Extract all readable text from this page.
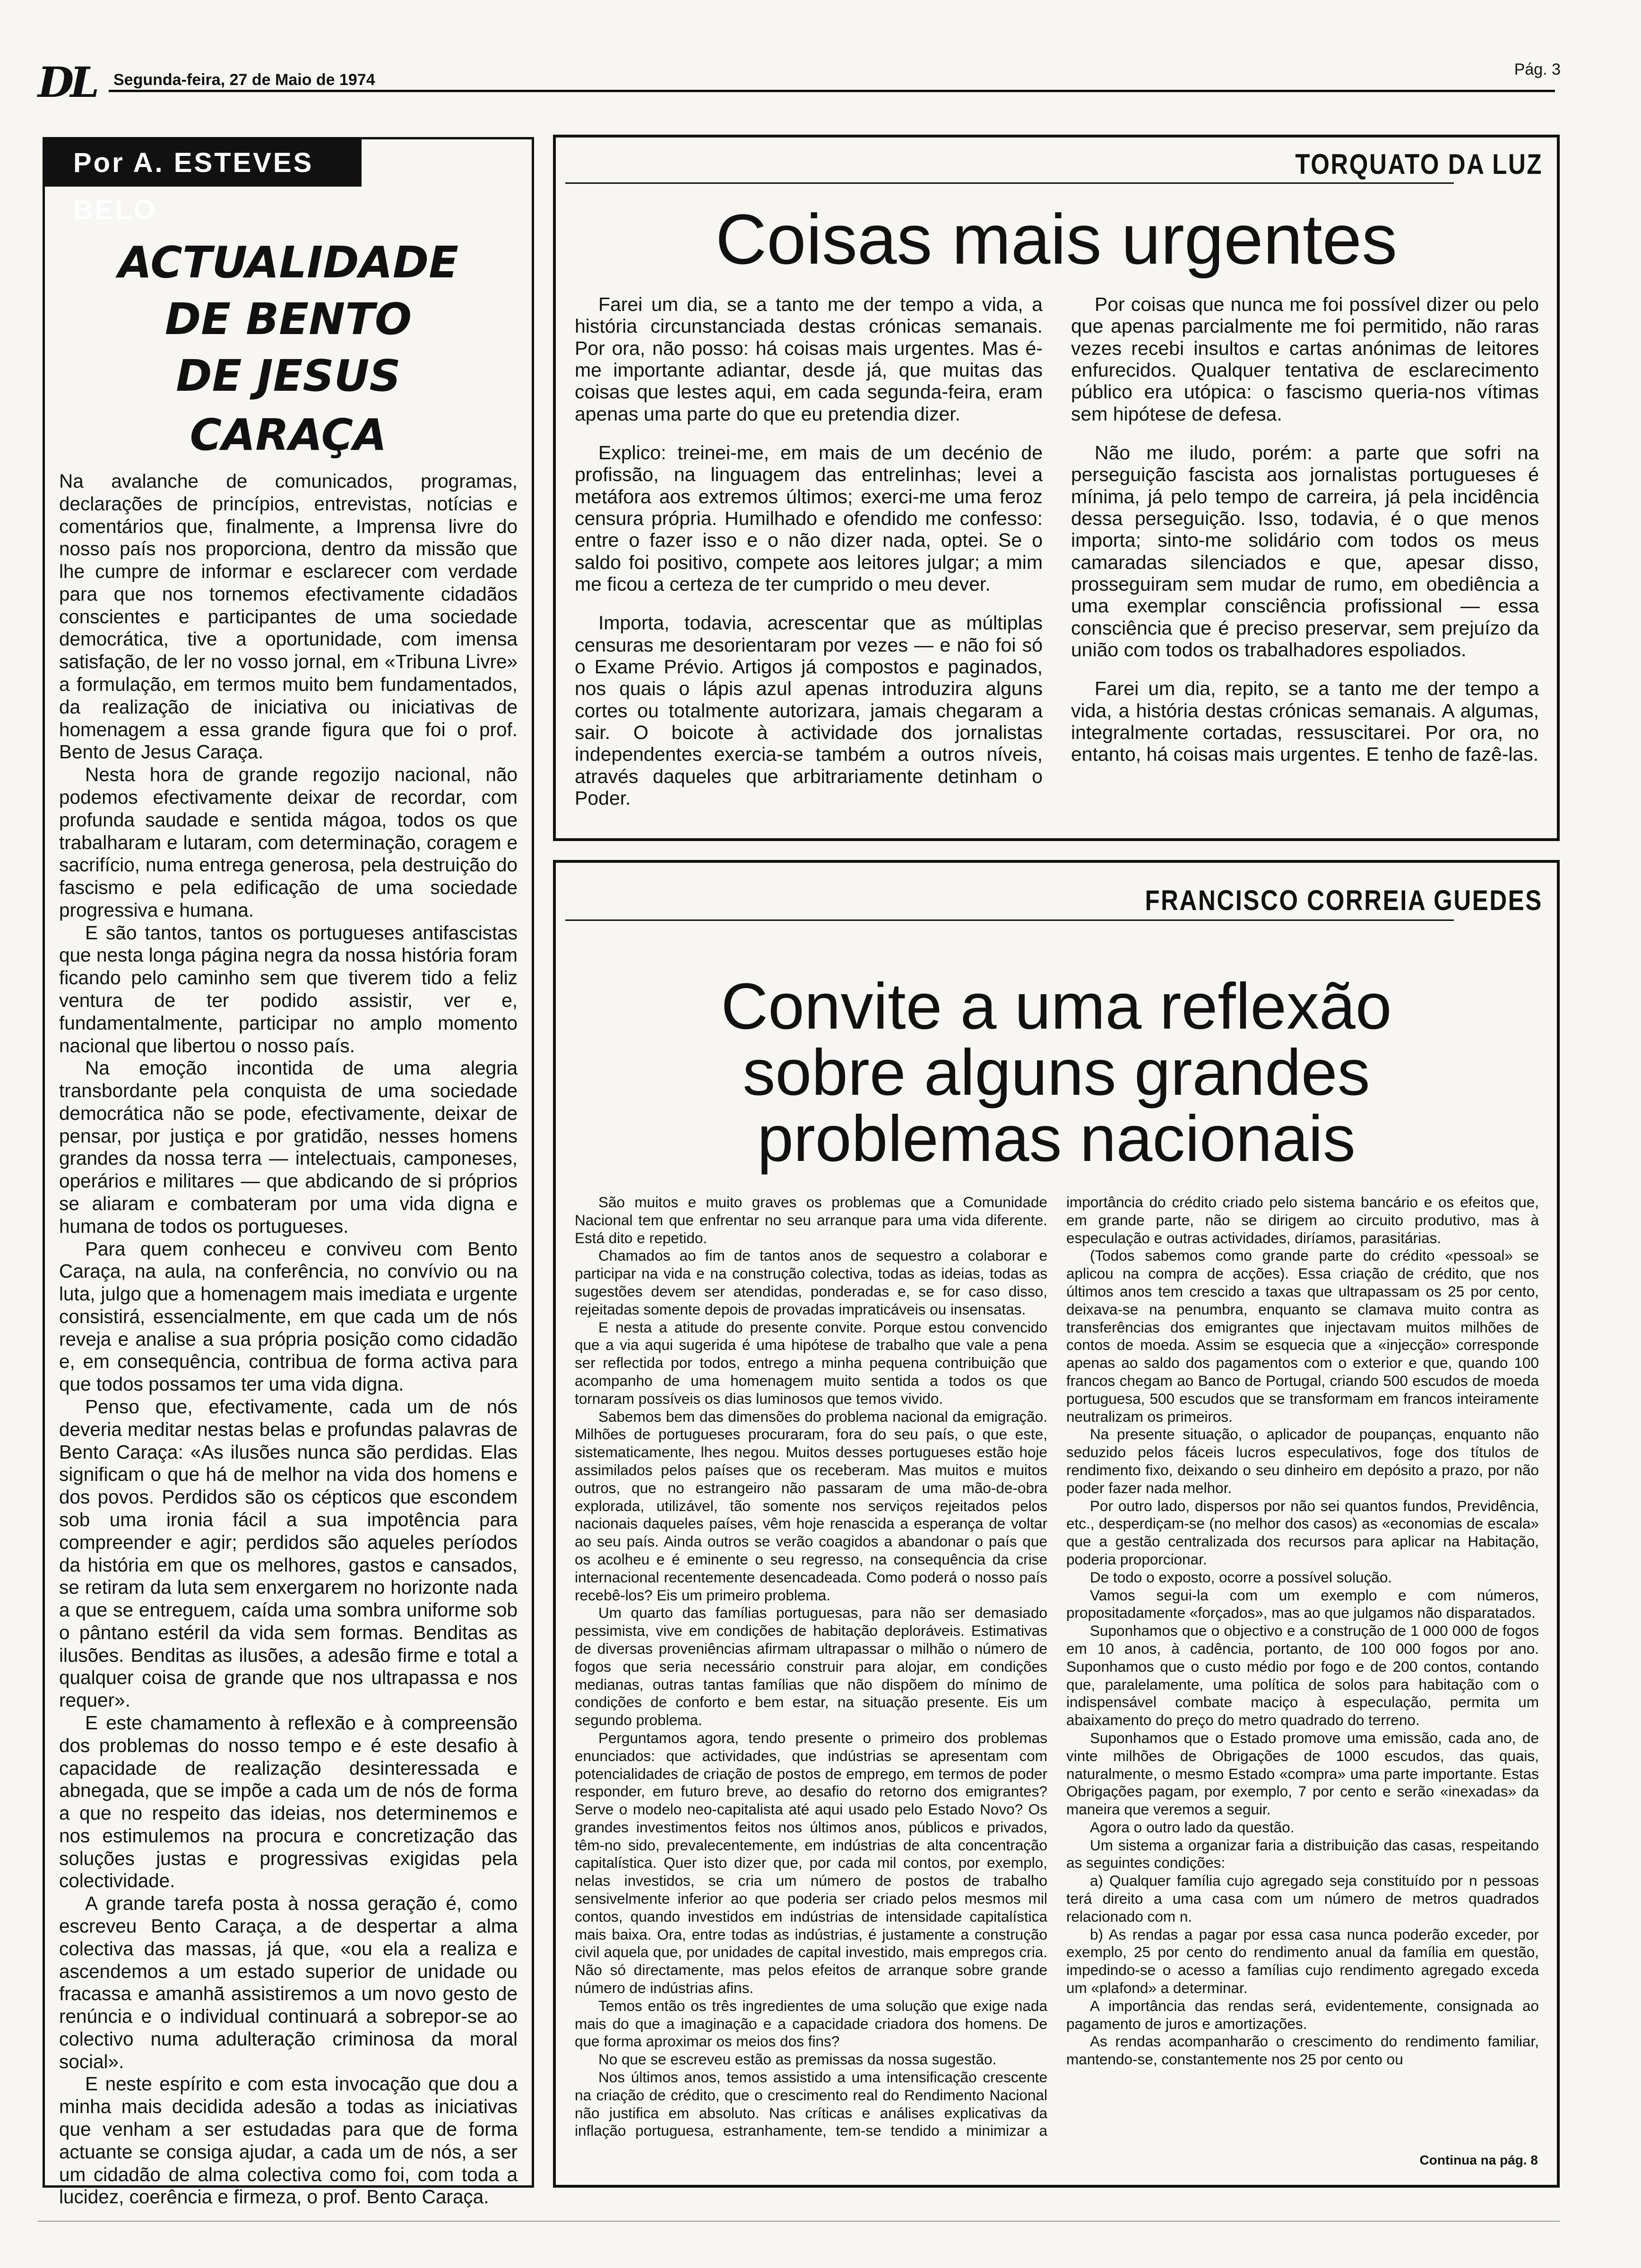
DL Segunda-feira, 27 de Maio de 1974
Pág. 3
Por A. ESTEVES BELO
ACTUALIDADE
DE BENTO
DE JESUS
CARAÇA

Na avalanche de comunicados, programas, declarações de princípios, entrevistas, notícias e comentários que, finalmente, a Imprensa livre do nosso país nos proporciona, dentro da missão que lhe cumpre de informar e esclarecer com verdade para que nos tornemos efectivamente cidadãos conscientes e participantes de uma sociedade democrática, tive a oportunidade, com imensa satisfação, de ler no vosso jornal, em «Tribuna Livre» a formulação, em termos muito bem fundamentados, da realização de iniciativa ou iniciativas de homenagem a essa grande figura que foi o prof. Bento de Jesus Caraça.

Nesta hora de grande regozijo nacional, não podemos efectivamente deixar de recordar, com profunda saudade e sentida mágoa, todos os que trabalharam e lutaram, com determinação, coragem e sacrifício, numa entrega generosa, pela destruição do fascismo e pela edificação de uma sociedade progressiva e humana.

E são tantos, tantos os portugueses antifascistas que nesta longa página negra da nossa história foram ficando pelo caminho sem que tiverem tido a feliz ventura de ter podido assistir, ver e, fundamentalmente, participar no amplo momento nacional que libertou o nosso país.

Na emoção incontida de uma alegria transbordante pela conquista de uma sociedade democrática não se pode, efectivamente, deixar de pensar, por justiça e por gratidão, nesses homens grandes da nossa terra — intelectuais, camponeses, operários e militares — que abdicando de si próprios se aliaram e combateram por uma vida digna e humana de todos os portugueses.

Para quem conheceu e conviveu com Bento Caraça, na aula, na conferência, no convívio ou na luta, julgo que a homenagem mais imediata e urgente consistirá, essencialmente, em que cada um de nós reveja e analise a sua própria posição como cidadão e, em consequência, contribua de forma activa para que todos possamos ter uma vida digna.

Penso que, efectivamente, cada um de nós deveria meditar nestas belas e profundas palavras de Bento Caraça: «As ilusões nunca são perdidas. Elas significam o que há de melhor na vida dos homens e dos povos. Perdidos são os cépticos que escondem sob uma ironia fácil a sua impotência para compreender e agir; perdidos são aqueles períodos da história em que os melhores, gastos e cansados, se retiram da luta sem enxergarem no horizonte nada a que se entreguem, caída uma sombra uniforme sob o pântano estéril da vida sem formas. Benditas as ilusões. Benditas as ilusões, a adesão firme e total a qualquer coisa de grande que nos ultrapassa e nos requer».

E este chamamento à reflexão e à compreensão dos problemas do nosso tempo e é este desafio à capacidade de realização desinteressada e abnegada, que se impõe a cada um de nós de forma a que no respeito das ideias, nos determinemos e nos estimulemos na procura e concretização das soluções justas e progressivas exigidas pela colectividade.

A grande tarefa posta à nossa geração é, como escreveu Bento Caraça, a de despertar a alma colectiva das massas, já que, «ou ela a realiza e ascendemos a um estado superior de unidade ou fracassa e amanhã assistiremos a um novo gesto de renúncia e o individual continuará a sobrepor-se ao colectivo numa adulteração criminosa da moral social».

E neste espírito e com esta invocação que dou a minha mais decidida adesão a todas as iniciativas que venham a ser estudadas para que de forma actuante se consiga ajudar, a cada um de nós, a ser um cidadão de alma colectiva como foi, com toda a lucidez, coerência e firmeza, o prof. Bento Caraça.

TORQUATO DA LUZ
Coisas mais urgentes

Farei um dia, se a tanto me der tempo a vida, a história circunstanciada destas crónicas semanais. Por ora, não posso: há coisas mais urgentes. Mas é-me importante adiantar, desde já, que muitas das coisas que lestes aqui, em cada segunda-feira, eram apenas uma parte do que eu pretendia dizer.

Explico: treinei-me, em mais de um decénio de profissão, na linguagem das entrelinhas; levei a metáfora aos extremos últimos; exerci-me uma feroz censura própria. Humilhado e ofendido me confesso: entre o fazer isso e o não dizer nada, optei. Se o saldo foi positivo, compete aos leitores julgar; a mim me ficou a certeza de ter cumprido o meu dever.

Importa, todavia, acrescentar que as múltiplas censuras me desorientaram por vezes — e não foi só o Exame Prévio. Artigos já compostos e paginados, nos quais o lápis azul apenas introduzira alguns cortes ou totalmente autorizara, jamais chegaram a sair. O boicote à actividade dos jornalistas independentes exercia-se também a outros níveis, através daqueles que arbitrariamente detinham o Poder.

Por coisas que nunca me foi possível dizer ou pelo que apenas parcialmente me foi permitido, não raras vezes recebi insultos e cartas anónimas de leitores enfurecidos. Qualquer tentativa de esclarecimento público era utópica: o fascismo queria-nos vítimas sem hipótese de defesa.

Não me iludo, porém: a parte que sofri na perseguição fascista aos jornalistas portugueses é mínima, já pelo tempo de carreira, já pela incidência dessa perseguição. Isso, todavia, é o que menos importa; sinto-me solidário com todos os meus camaradas silenciados e que, apesar disso, prosseguiram sem mudar de rumo, em obediência a uma exemplar consciência profissional — essa consciência que é preciso preservar, sem prejuízo da união com todos os trabalhadores espoliados.

Farei um dia, repito, se a tanto me der tempo a vida, a história destas crónicas semanais. A algumas, integralmente cortadas, ressuscitarei. Por ora, no entanto, há coisas mais urgentes. E tenho de fazê-las.

FRANCISCO CORREIA GUEDES
Convite a uma reflexão
sobre alguns grandes
problemas nacionais

São muitos e muito graves os problemas que a Comunidade Nacional tem que enfrentar no seu arranque para uma vida diferente. Está dito e repetido.

Chamados ao fim de tantos anos de sequestro a colaborar e participar na vida e na construção colectiva, todas as ideias, todas as sugestões devem ser atendidas, ponderadas e, se for caso disso, rejeitadas somente depois de provadas impraticáveis ou insensatas.

E nesta a atitude do presente convite. Porque estou convencido que a via aqui sugerida é uma hipótese de trabalho que vale a pena ser reflectida por todos, entrego a minha pequena contribuição que acompanho de uma homenagem muito sentida a todos os que tornaram possíveis os dias luminosos que temos vivido.

Sabemos bem das dimensões do problema nacional da emigração. Milhões de portugueses procuraram, fora do seu país, o que este, sistematicamente, lhes negou. Muitos desses portugueses estão hoje assimilados pelos países que os receberam. Mas muitos e muitos outros, que no estrangeiro não passaram de uma mão-de-obra explorada, utilizável, tão somente nos serviços rejeitados pelos nacionais daqueles países, vêm hoje renascida a esperança de voltar ao seu país. Ainda outros se verão coagidos a abandonar o país que os acolheu e é eminente o seu regresso, na consequência da crise internacional recentemente desencadeada. Como poderá o nosso país recebê-los? Eis um primeiro problema.

Um quarto das famílias portuguesas, para não ser demasiado pessimista, vive em condições de habitação deploráveis. Estimativas de diversas proveniências afirmam ultrapassar o milhão o número de fogos que seria necessário construir para alojar, em condições medianas, outras tantas famílias que não dispõem do mínimo de condições de conforto e bem estar, na situação presente. Eis um segundo problema.

Perguntamos agora, tendo presente o primeiro dos problemas enunciados: que actividades, que indústrias se apresentam com potencialidades de criação de postos de emprego, em termos de poder responder, em futuro breve, ao desafio do retorno dos emigrantes? Serve o modelo neo-capitalista até aqui usado pelo Estado Novo? Os grandes investimentos feitos nos últimos anos, públicos e privados, têm-no sido, prevalecentemente, em indústrias de alta concentração capitalística. Quer isto dizer que, por cada mil contos, por exemplo, nelas investidos, se cria um número de postos de trabalho sensivelmente inferior ao que poderia ser criado pelos mesmos mil contos, quando investidos em indústrias de intensidade capitalística mais baixa. Ora, entre todas as indústrias, é justamente a construção civil aquela que, por unidades de capital investido, mais empregos cria. Não só directamente, mas pelos efeitos de arranque sobre grande número de indústrias afins.

Temos então os três ingredientes de uma solução que exige nada mais do que a imaginação e a capacidade criadora dos homens. De que forma aproximar os meios dos fins?

No que se escreveu estão as premissas da nossa sugestão.

Nos últimos anos, temos assistido a uma intensificação crescente na criação de crédito, que o crescimento real do Rendimento Nacional não justifica em absoluto. Nas críticas e análises explicativas da inflação portuguesa, estranhamente, tem-se tendido a minimizar a importância do crédito criado pelo sistema bancário e os efeitos que, em grande parte, não se dirigem ao circuito produtivo, mas à especulação e outras actividades, diríamos, parasitárias.

(Todos sabemos como grande parte do crédito «pessoal» se aplicou na compra de acções). Essa criação de crédito, que nos últimos anos tem crescido a taxas que ultrapassam os 25 por cento, deixava-se na penumbra, enquanto se clamava muito contra as transferências dos emigrantes que injectavam muitos milhões de contos de moeda. Assim se esquecia que a «injecção» corresponde apenas ao saldo dos pagamentos com o exterior e que, quando 100 francos chegam ao Banco de Portugal, criando 500 escudos de moeda portuguesa, 500 escudos que se transformam em francos inteiramente neutralizam os primeiros.

Na presente situação, o aplicador de poupanças, enquanto não seduzido pelos fáceis lucros especulativos, foge dos títulos de rendimento fixo, deixando o seu dinheiro em depósito a prazo, por não poder fazer nada melhor.

Por outro lado, dispersos por não sei quantos fundos, Previdência, etc., desperdiçam-se (no melhor dos casos) as «economias de escala» que a gestão centralizada dos recursos para aplicar na Habitação, poderia proporcionar.

De todo o exposto, ocorre a possível solução.

Vamos segui-la com um exemplo e com números, propositadamente «forçados», mas ao que julgamos não disparatados.

Suponhamos que o objectivo e a construção de 1 000 000 de fogos em 10 anos, à cadência, portanto, de 100 000 fogos por ano. Suponhamos que o custo médio por fogo e de 200 contos, contando que, paralelamente, uma política de solos para habitação com o indispensável combate maciço à especulação, permita um abaixamento do preço do metro quadrado do terreno.

Suponhamos que o Estado promove uma emissão, cada ano, de vinte milhões de Obrigações de 1000 escudos, das quais, naturalmente, o mesmo Estado «compra» uma parte importante. Estas Obrigações pagam, por exemplo, 7 por cento e serão «inexadas» da maneira que veremos a seguir.

Agora o outro lado da questão.

Um sistema a organizar faria a distribuição das casas, respeitando as seguintes condições:

a) Qualquer família cujo agregado seja constituído por n pessoas terá direito a uma casa com um número de metros quadrados relacionado com n.

b) As rendas a pagar por essa casa nunca poderão exceder, por exemplo, 25 por cento do rendimento anual da família em questão, impedindo-se o acesso a famílias cujo rendimento agregado exceda um «plafond» a determinar.

A importância das rendas será, evidentemente, consignada ao pagamento de juros e amortizações.

As rendas acompanharão o crescimento do rendimento familiar, mantendo-se, constantemente nos 25 por cento ou

Continua na pág. 8
